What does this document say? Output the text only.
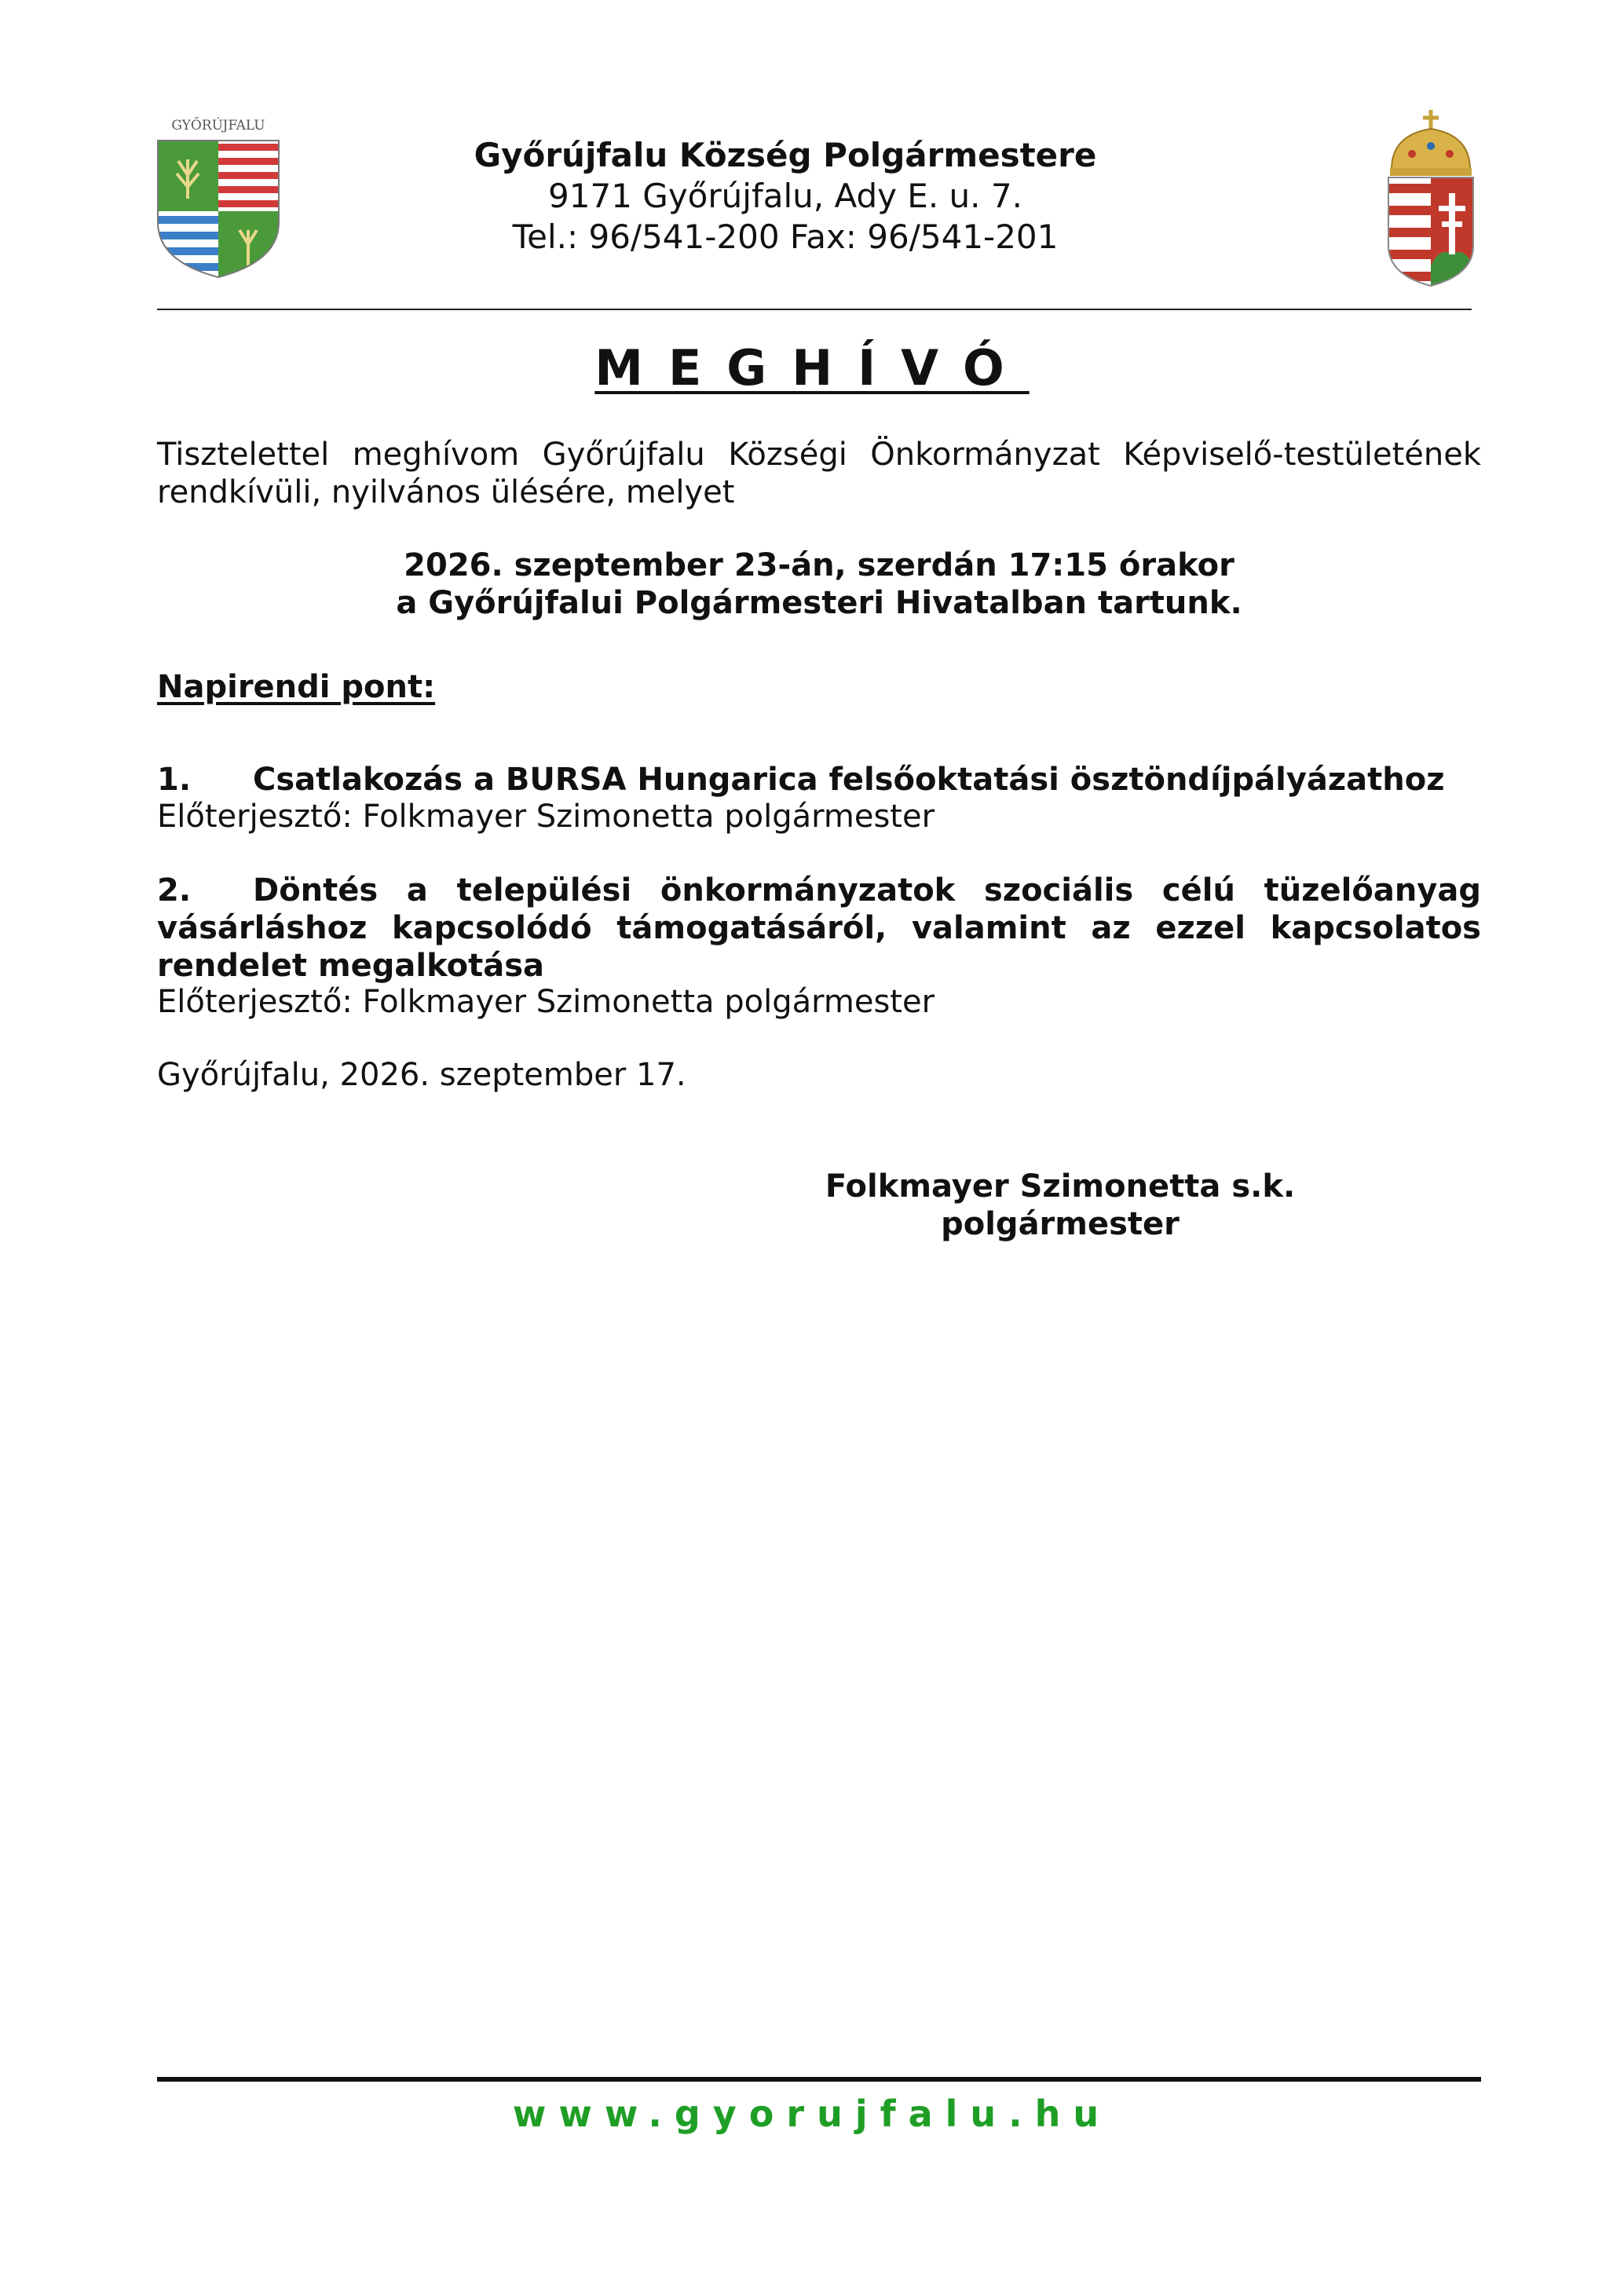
GYŐRÚJFALU
Győrújfalu Község Polgármestere
9171 Győrújfalu, Ady E. u. 7.
Tel.: 96/541-200 Fax: 96/541-201
MEGHÍVÓ
Tisztelettel meghívom Győrújfalu Községi Önkormányzat Képviselő-testületének rendkívüli, nyilvános ülésére, melyet
2026. szeptember 23-án, szerdán 17:15 órakor
a Győrújfalui Polgármesteri Hivatalban tartunk.
Napirendi pont:
1. Csatlakozás a BURSA Hungarica felsőoktatási ösztöndíjpályázathoz
Előterjesztő: Folkmayer Szimonetta polgármester
2. Döntés a települési önkormányzatok szociális célú tüzelőanyag vásárláshoz kapcsolódó támogatásáról, valamint az ezzel kapcsolatos rendelet megalkotása
Előterjesztő: Folkmayer Szimonetta polgármester
Győrújfalu, 2026. szeptember 17.
Folkmayer Szimonetta s.k.
polgármester
www.gyorujfalu.hu
